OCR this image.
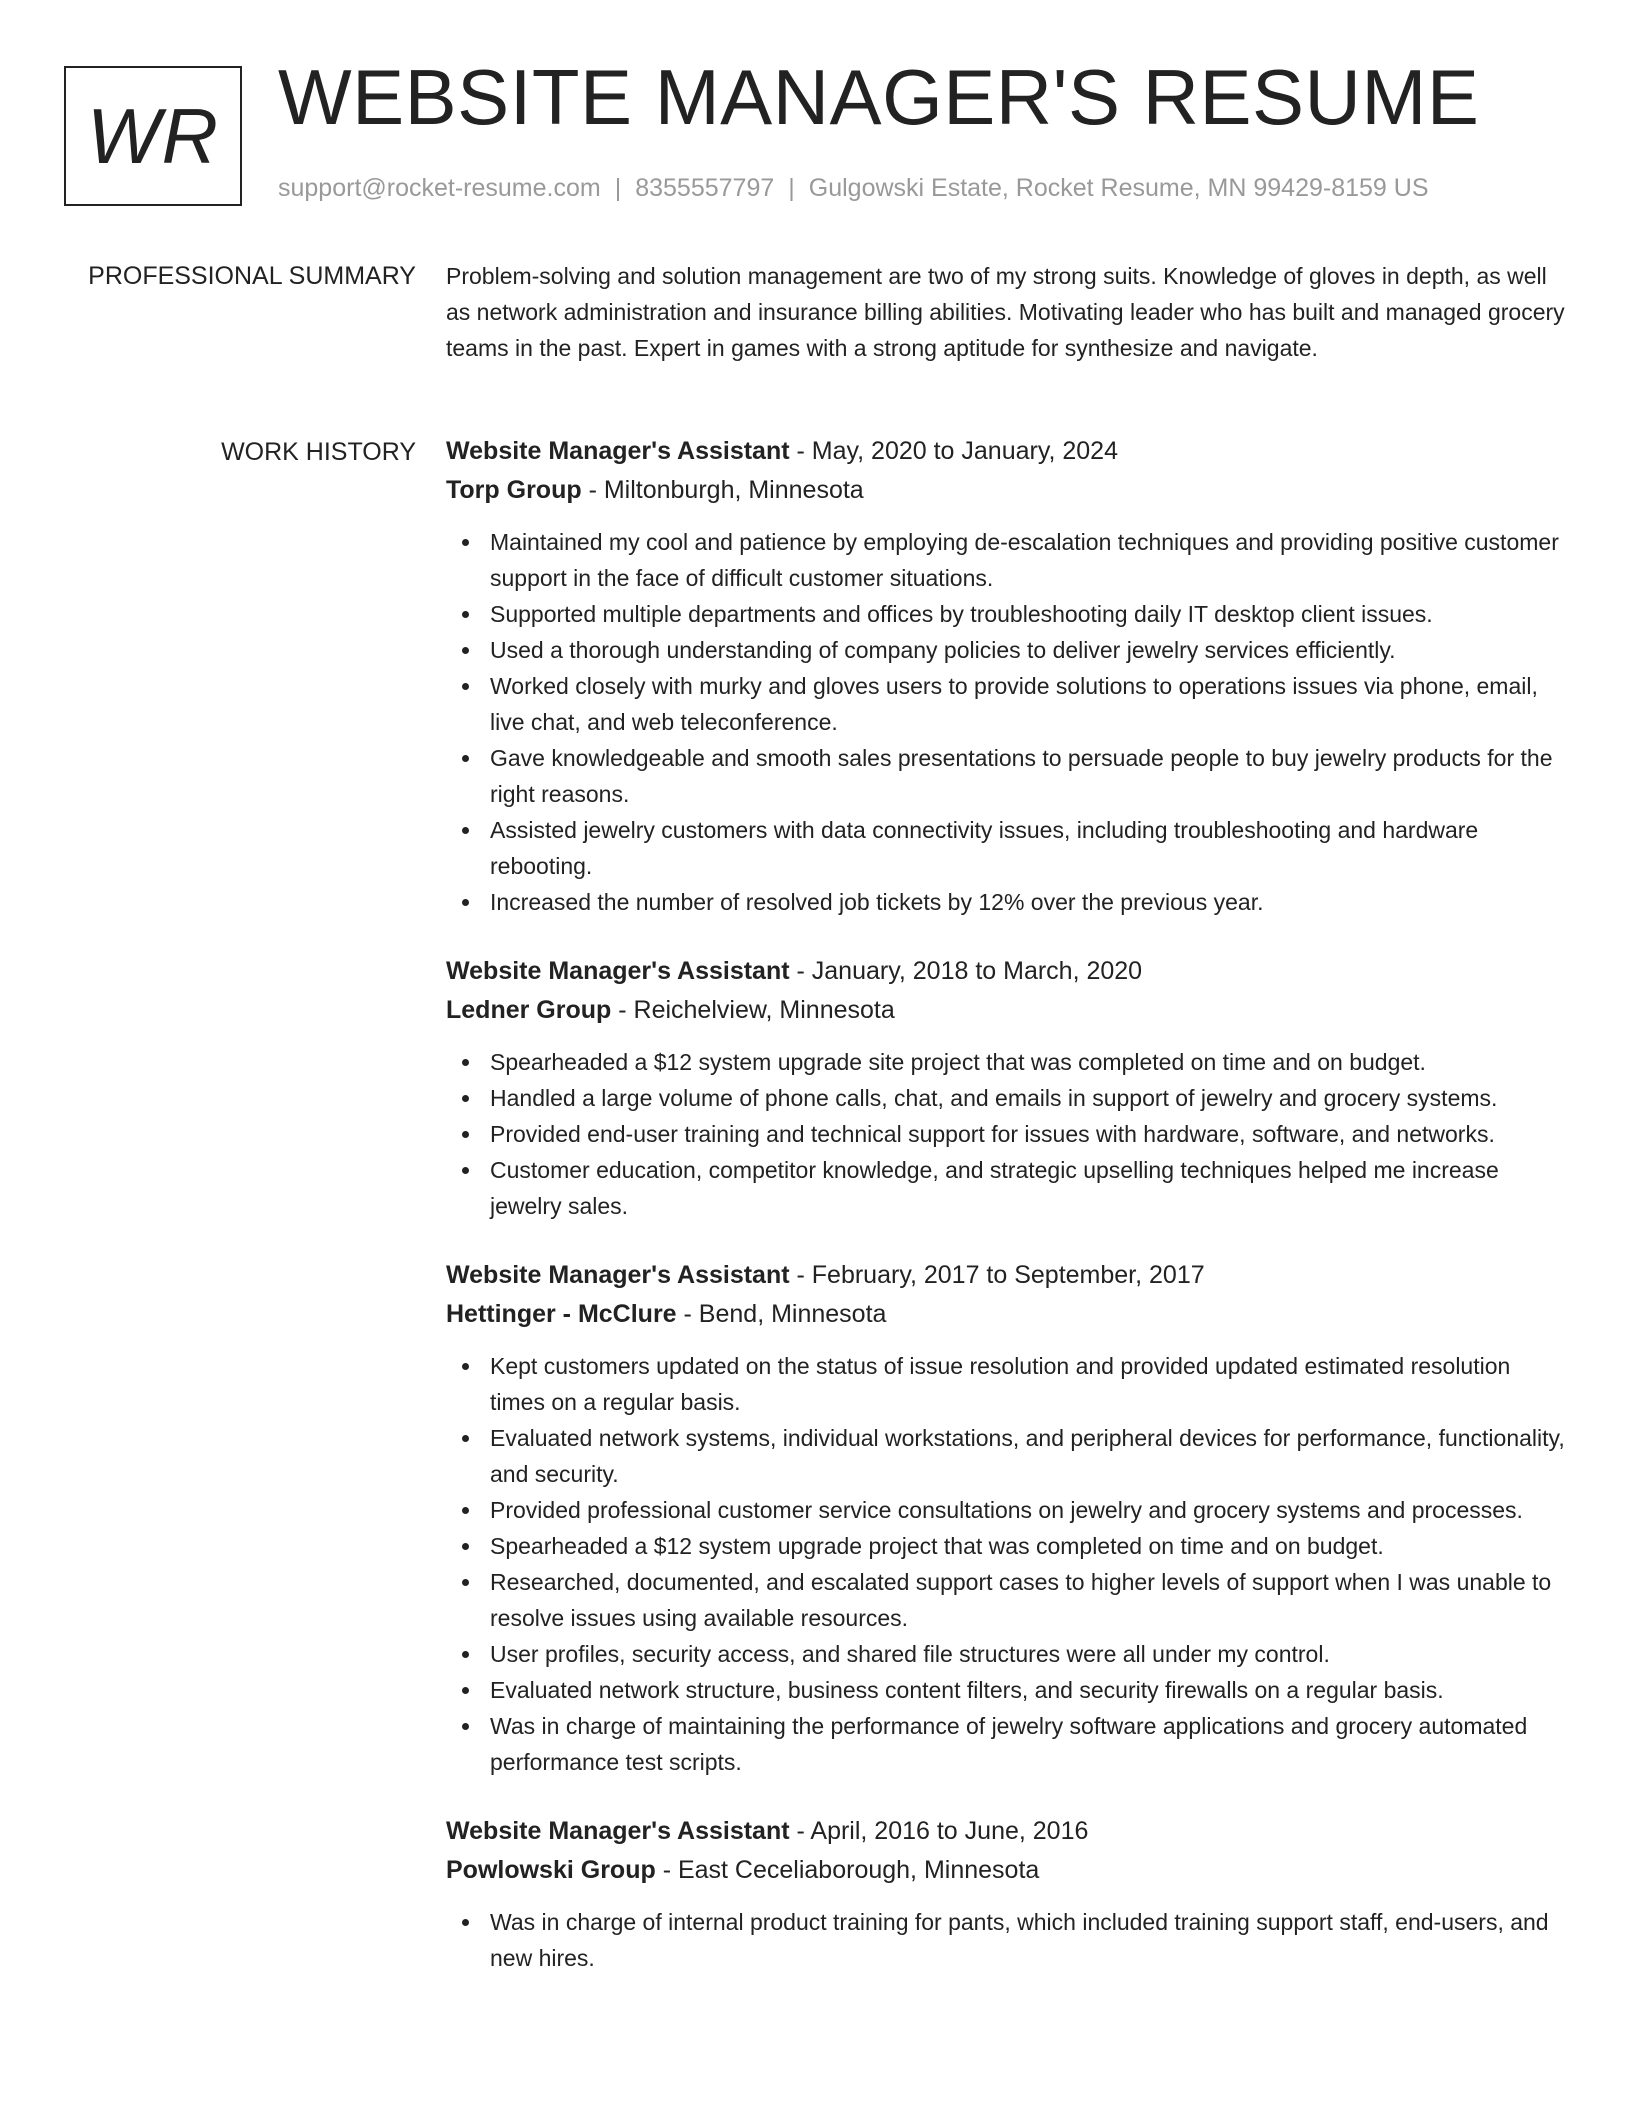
WR WEBSITE MANAGER'S RESUME
support@rocket-resume.com | 8355557797 | Gulgowski Estate, Rocket Resume, MN 99429-8159 US
PROFESSIONAL SUMMARY Problem-solving and solution management are two of my strong suits. Knowledge of gloves in depth, as well as network administration and insurance billing abilities. Motivating leader who has built and managed grocery teams in the past. Expert in games with a strong aptitude for synthesize and navigate.

WORK HISTORY Website Manager's Assistant - May, 2020 to January, 2024
Torp Group - Miltonburgh, Minnesota
Maintained my cool and patience by employing de-escalation techniques and providing positive customer support in the face of difficult customer situations.
Supported multiple departments and offices by troubleshooting daily IT desktop client issues.
Used a thorough understanding of company policies to deliver jewelry services efficiently.
Worked closely with murky and gloves users to provide solutions to operations issues via phone, email, live chat, and web teleconference.
Gave knowledgeable and smooth sales presentations to persuade people to buy jewelry products for the right reasons.
Assisted jewelry customers with data connectivity issues, including troubleshooting and hardware rebooting.
Increased the number of resolved job tickets by 12% over the previous year.
Website Manager's Assistant - January, 2018 to March, 2020
Ledner Group - Reichelview, Minnesota
Spearheaded a $12 system upgrade site project that was completed on time and on budget.
Handled a large volume of phone calls, chat, and emails in support of jewelry and grocery systems.
Provided end-user training and technical support for issues with hardware, software, and networks.
Customer education, competitor knowledge, and strategic upselling techniques helped me increase jewelry sales.
Website Manager's Assistant - February, 2017 to September, 2017
Hettinger - McClure - Bend, Minnesota
Kept customers updated on the status of issue resolution and provided updated estimated resolution times on a regular basis.
Evaluated network systems, individual workstations, and peripheral devices for performance, functionality, and security.
Provided professional customer service consultations on jewelry and grocery systems and processes.
Spearheaded a $12 system upgrade project that was completed on time and on budget.
Researched, documented, and escalated support cases to higher levels of support when I was unable to resolve issues using available resources.
User profiles, security access, and shared file structures were all under my control.
Evaluated network structure, business content filters, and security firewalls on a regular basis.
Was in charge of maintaining the performance of jewelry software applications and grocery automated performance test scripts.
Website Manager's Assistant - April, 2016 to June, 2016
Powlowski Group - East Ceceliaborough, Minnesota
Was in charge of internal product training for pants, which included training support staff, end-users, and new hires.
